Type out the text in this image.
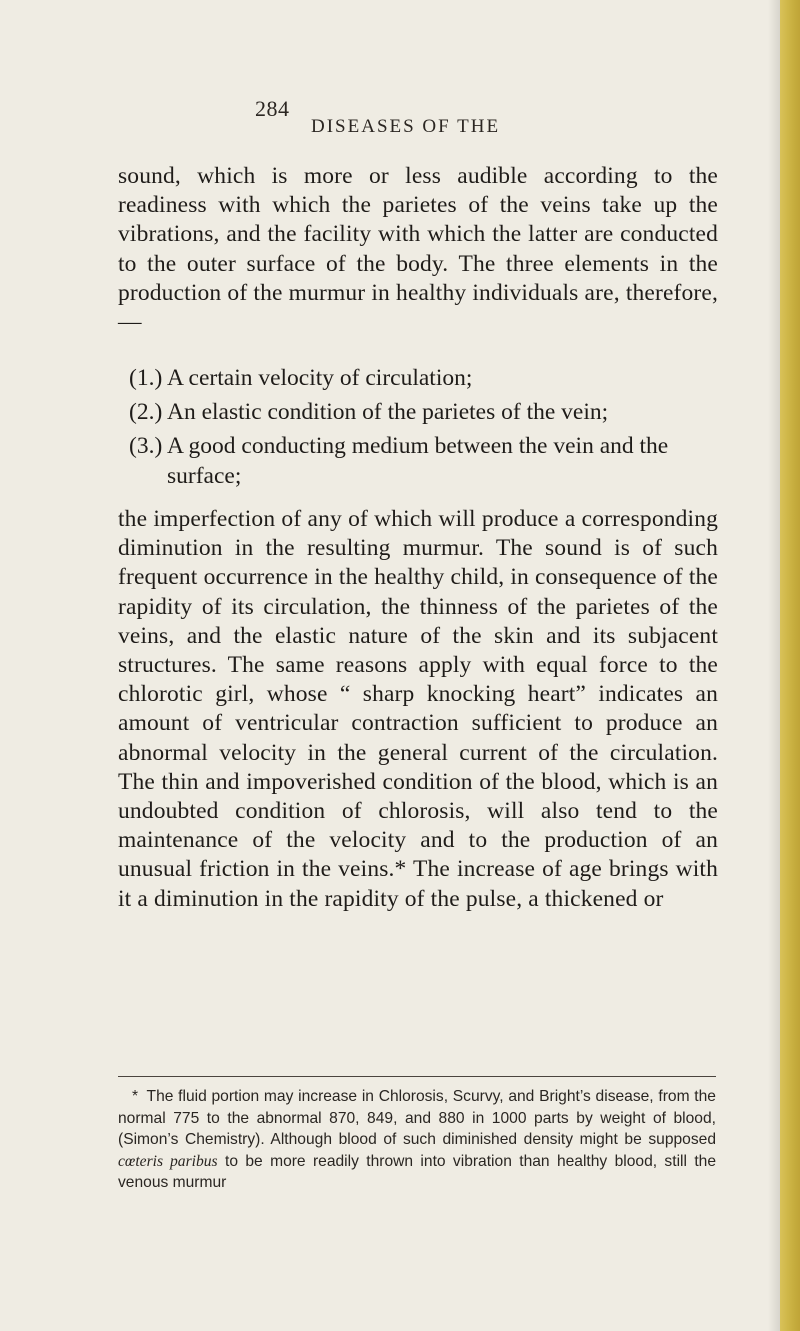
284
DISEASES OF THE

sound, which is more or less audible according to the readiness with which the parietes of the veins take up the vibrations, and the facility with which the latter are conducted to the outer surface of the body. The three elements in the production of the murmur in healthy individuals are, therefore,—

(1.) A certain velocity of circulation;
(2.) An elastic condition of the parietes of the vein;
(3.) A good conducting medium between the vein and the surface;

the imperfection of any of which will produce a corresponding diminution in the resulting murmur. The sound is of such frequent occurrence in the healthy child, in consequence of the rapidity of its circulation, the thinness of the parietes of the veins, and the elastic nature of the skin and its subjacent structures. The same reasons apply with equal force to the chlorotic girl, whose “ sharp knocking heart” indicates an amount of ventricular contraction sufficient to produce an abnormal velocity in the general current of the circulation. The thin and impoverished condition of the blood, which is an undoubted condition of chlorosis, will also tend to the maintenance of the velocity and to the production of an unusual friction in the veins.* The increase of age brings with it a diminution in the rapidity of the pulse, a thickened or

* The fluid portion may increase in Chlorosis, Scurvy, and Bright’s disease, from the normal 775 to the abnormal 870, 849, and 880 in 1000 parts by weight of blood, (Simon’s Chemistry). Although blood of such diminished density might be supposed cœteris paribus to be more readily thrown into vibration than healthy blood, still the venous murmur
